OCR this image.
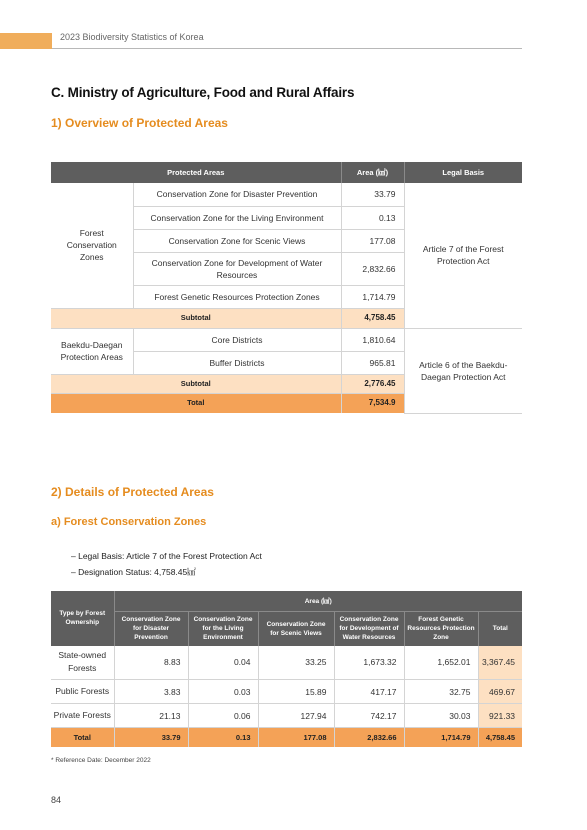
2023 Biodiversity Statistics of Korea
C. Ministry of Agriculture, Food and Rural Affairs
1) Overview of Protected Areas
Protected Areas		Area (㎢)	Legal Basis
Forest Conservation Zones	Conservation Zone for Disaster Prevention	33.79	Article 7 of the Forest Protection Act
	Conservation Zone for the Living Environment	0.13	
	Conservation Zone for Scenic Views	177.08	
	Conservation Zone for Development of Water Resources	2,832.66	
	Forest Genetic Resources Protection Zones	1,714.79	
Subtotal		4,758.45	
Baekdu-Daegan Protection Areas	Core Districts	1,810.64	Article 6 of the Baekdu-Daegan Protection Act
	Buffer Districts	965.81	
Subtotal		2,776.45	
Total		7,534.9	
2) Details of Protected Areas
a) Forest Conservation Zones
– Legal Basis: Article 7 of the Forest Protection Act
– Designation Status: 4,758.45㎢
Type by Forest Ownership	Area (㎢)					
	Conservation Zone for Disaster Prevention	Conservation Zone for the Living Environment	Conservation Zone for Scenic Views	Conservation Zone for Development of Water Resources	Forest Genetic Resources Protection Zone	Total
State-owned Forests	8.83	0.04	33.25	1,673.32	1,652.01	3,367.45
Public Forests	3.83	0.03	15.89	417.17	32.75	469.67
Private Forests	21.13	0.06	127.94	742.17	30.03	921.33
Total	33.79	0.13	177.08	2,832.66	1,714.79	4,758.45
* Reference Date: December 2022
84
